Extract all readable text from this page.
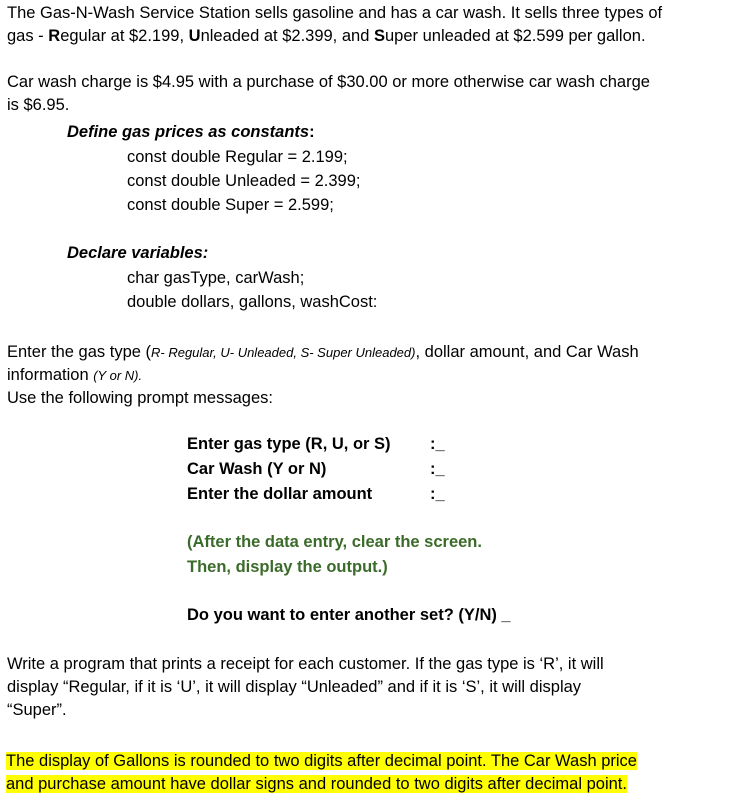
The Gas-N-Wash Service Station sells gasoline and has a car wash. It sells three types of
gas - Regular at $2.199, Unleaded at $2.399, and Super unleaded at $2.599 per gallon.
Car wash charge is $4.95 with a purchase of $30.00 or more otherwise car wash charge
is $6.95.
Define gas prices as constants:
const double Regular = 2.199;
const double Unleaded = 2.399;
const double Super = 2.599;
Declare variables:
char gasType, carWash;
double dollars, gallons, washCost:
Enter the gas type (R- Regular, U- Unleaded, S- Super Unleaded), dollar amount, and Car Wash
information (Y or N).
Use the following prompt messages:
Enter gas type (R, U, or S) :_
Car Wash (Y or N)	:_
Enter the dollar amount	:_
(After the data entry, clear the screen.
Then, display the output.)
Do you want to enter another set? (Y/N) _
Write a program that prints a receipt for each customer. If the gas type is ‘R’, it will
display “Regular, if it is ‘U’, it will display “Unleaded” and if it is ‘S’, it will display
“Super”.
The display of Gallons is rounded to two digits after decimal point. The Car Wash price
and purchase amount have dollar signs and rounded to two digits after decimal point.
